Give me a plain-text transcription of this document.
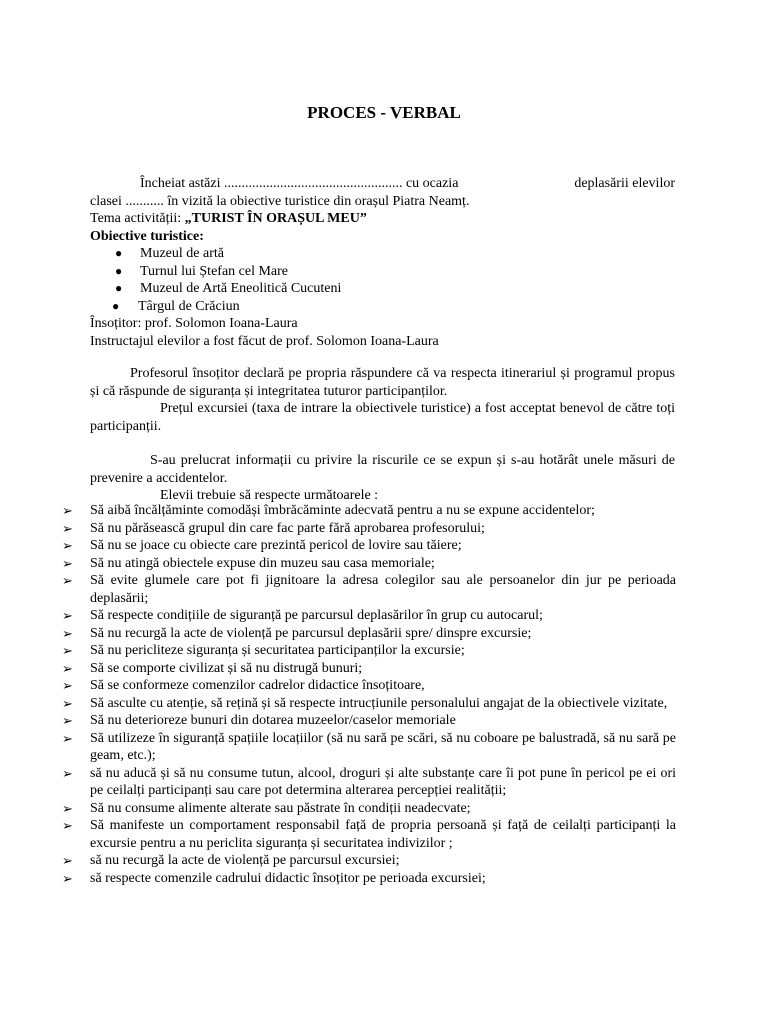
PROCES - VERBAL
Încheiat astăzi ................................................... cu ocazia	deplasării elevilor

clasei ........... în vizită la obiective turistice din orașul Piatra Neamț.

Tema activității: „TURIST ÎN ORAȘUL MEU”

Obiective turistice:

● Muzeul de artă
● Turnul lui Ștefan cel Mare
● Muzeul de Artă Eneolitică Cucuteni
● Târgul de Crăciun

Însoțitor: prof. Solomon Ioana-Laura

Instructajul elevilor a fost făcut de prof. Solomon Ioana-Laura

Profesorul însoțitor declară pe propria răspundere că va respecta itinerariul și programul propus și că răspunde de siguranța și integritatea tuturor participanților.

Prețul excursiei (taxa de intrare la obiectivele turistice) a fost acceptat benevol de către toți participanții.

S-au prelucrat informații cu privire la riscurile ce se expun și s-au hotărât unele măsuri de prevenire a accidentelor.

Elevii trebuie să respecte următoarele :

➢ Să aibă încălțăminte comodăși îmbrăcăminte adecvată pentru a nu se expune accidentelor;
➢ Să nu părăsească grupul din care fac parte fără aprobarea profesorului;
➢ Să nu se joace cu obiecte care prezintă pericol de lovire sau tăiere;
➢ Să nu atingă obiectele expuse din muzeu sau casa memoriale;
➢ Să evite glumele care pot fi jignitoare la adresa colegilor sau ale persoanelor din jur pe perioada deplasării;
➢ Să respecte condițiile de siguranță pe parcursul deplasărilor în grup cu autocarul;
➢ Să nu recurgă la acte de violență pe parcursul deplasării spre/ dinspre excursie;
➢ Să nu pericliteze siguranța și securitatea participanților la excursie;
➢ Să se comporte civilizat și să nu distrugă bunuri;
➢ Să se conformeze comenzilor cadrelor didactice însoțitoare,
➢ Să asculte cu atenție, să rețină și să respecte intrucțiunile personalului angajat de la obiectivele vizitate,
➢ Să nu deterioreze bunuri din dotarea muzeelor/caselor memoriale
➢ Să utilizeze în siguranță spațiile locațiilor (să nu sară pe scări, să nu coboare pe balustradă, să nu sară pe geam, etc.);
➢ să nu aducă și să nu consume tutun, alcool, droguri și alte substanțe care îi pot pune în pericol pe ei ori pe ceilalți participanți sau care pot determina alterarea percepției realității;
➢ Să nu consume alimente alterate sau păstrate în condiții neadecvate;
➢ Să manifeste un comportament responsabil față de propria persoană și față de ceilalți participanți la excursie pentru a nu periclita siguranța și securitatea indivizilor ;
➢ să nu recurgă la acte de violență pe parcursul excursiei;
➢ să respecte comenzile cadrului didactic însoțitor pe perioada excursiei;
